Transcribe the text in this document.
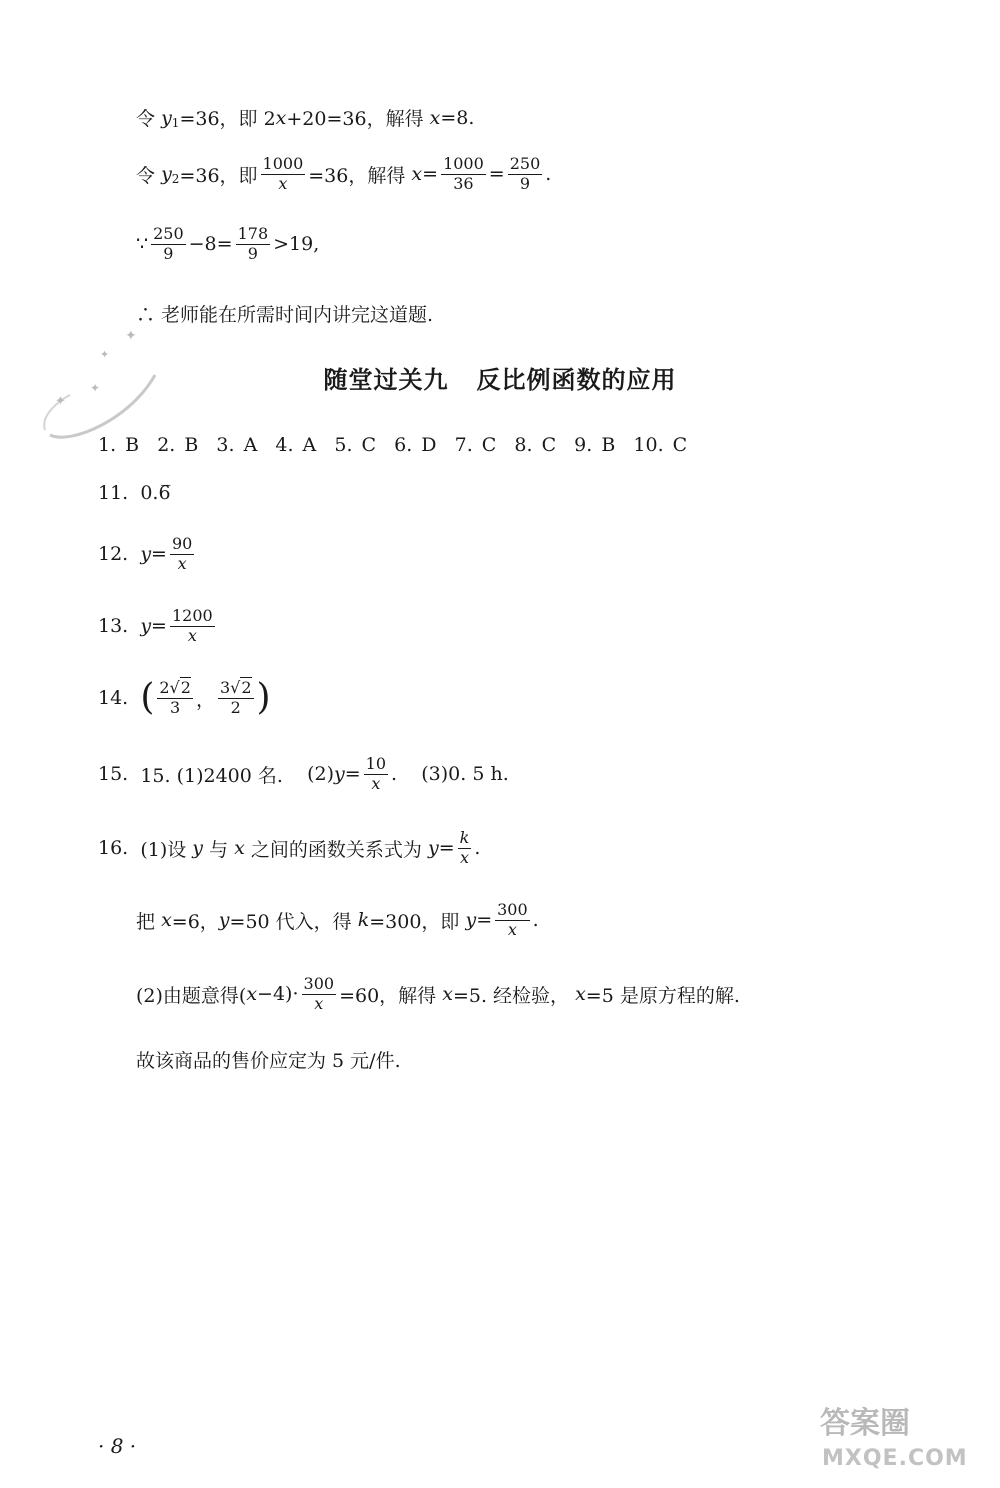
✦
✦
✦
✦
令
y 1 =36，即 2 x +20=36，解得
x =8.
令
y 2 =36，即 $\frac{1000}{x} =36$，解得
$x = \frac{1000}{36} = \frac{250}{9}$ .
∵ $\frac{250}{9} -8= \frac{178}{9} >19$,
∴ 老师能在所需时间内讲完这道题.
随堂过关九 反比例函数的应用
1. B  2. B  3. A  4. A  5. C  6. D  7. C  8. C  9. B  10. C
11.
0.6̅
12.
$y = \frac{90}{x}$
13.
$y = \frac{1200}{x}$
14.
( $\frac{2√2}{3}$ ， $\frac{3√2}{2}$ )
15.
15. (1)2400 名.
(2) $y = \frac{10}{x}$ .
(3)0. 5 h.
16.
(1)设
y
与
x
之间的函数关系式为
$y = \frac{k}{x}$ .
把
x =6， y =50 代入，得
k =300，即
$y = \frac{300}{x}$ .
(2)由题意得( $x -4)\cdot \frac{300}{x} =60$，解得
x =5. 经检验，
x =5 是原方程的解.
故该商品的售价应定为 5 元/件.
· 8 ·
答案圈
MXQE.COM
